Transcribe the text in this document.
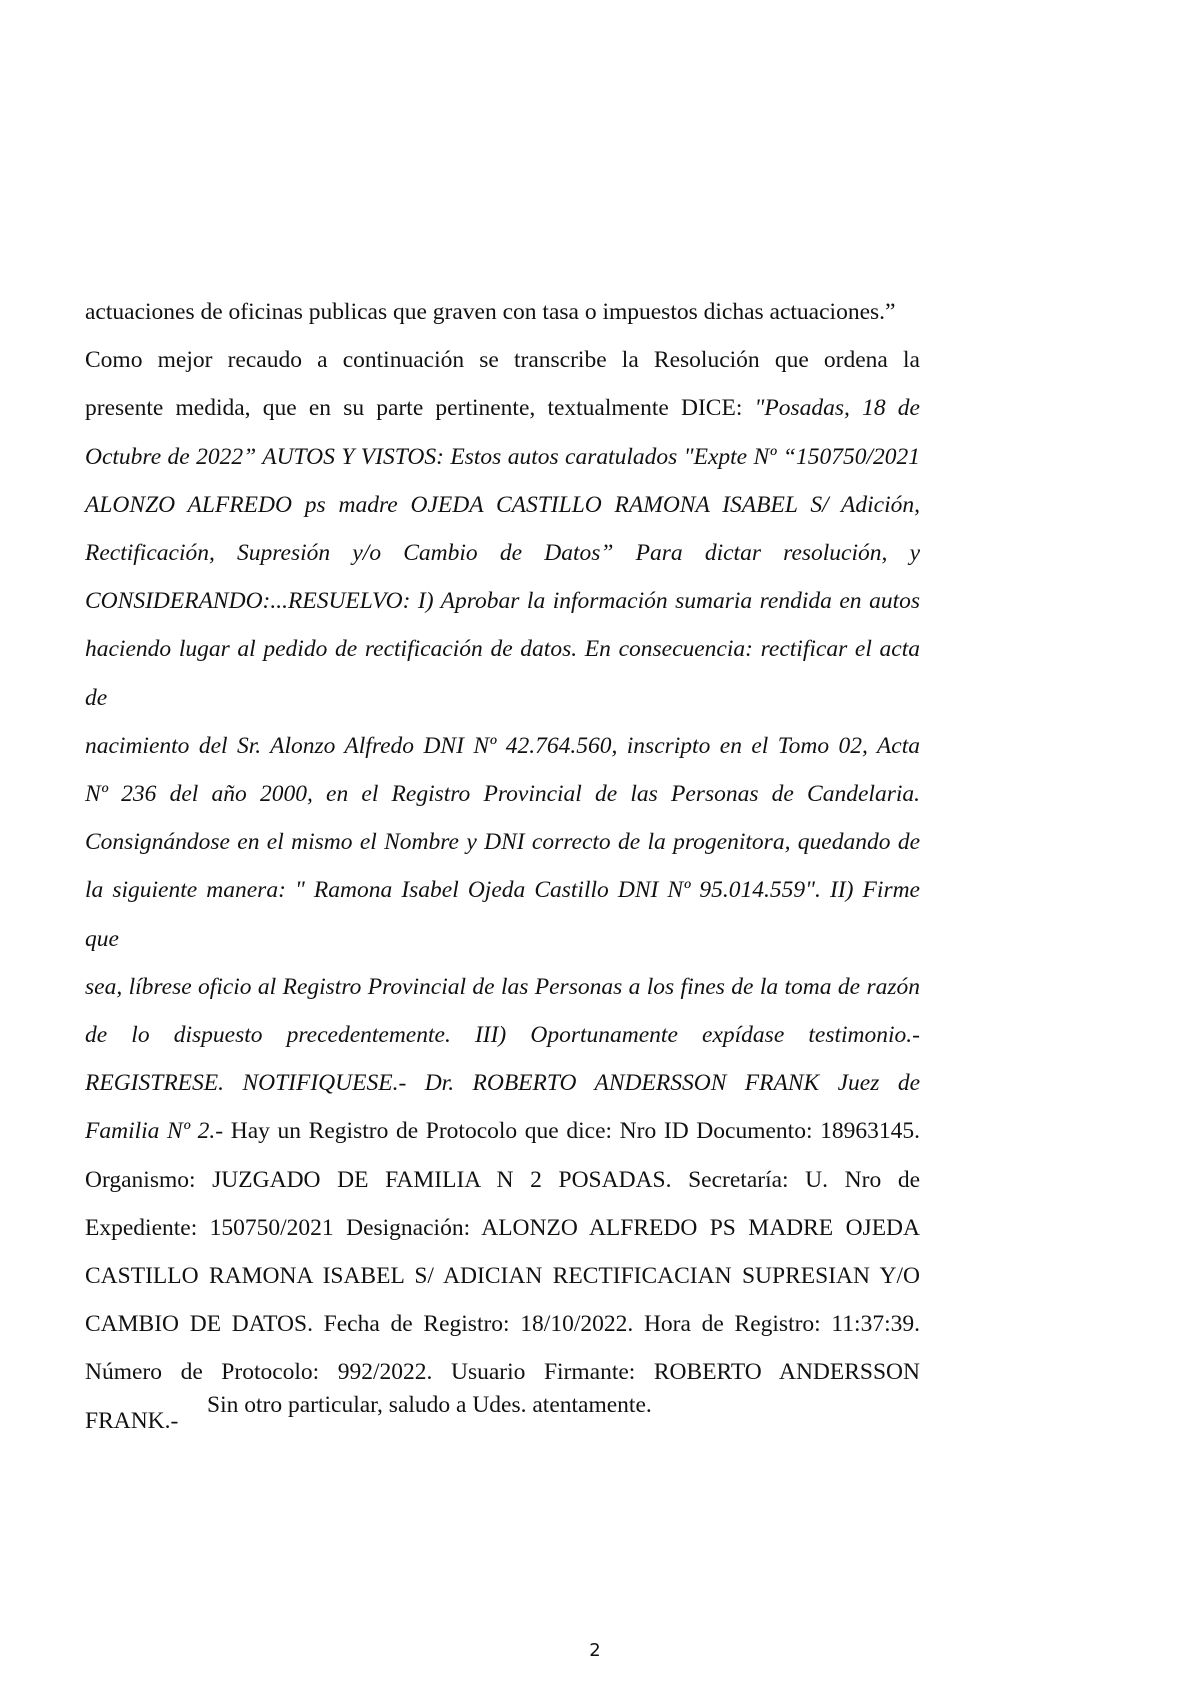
actuaciones de oficinas publicas que graven con tasa o impuestos dichas actuaciones.”
Como mejor recaudo a continuación se transcribe la Resolución que ordena la
presente medida, que en su parte pertinente, textualmente DICE: "Posadas, 18 de
Octubre de 2022” AUTOS Y VISTOS: Estos autos caratulados "Expte Nº “150750/2021
ALONZO ALFREDO ps madre OJEDA CASTILLO RAMONA ISABEL S/ Adición,
Rectificación, Supresión y/o Cambio de Datos” Para dictar resolución, y
CONSIDERANDO:...RESUELVO: I) Aprobar la información sumaria rendida en autos
haciendo lugar al pedido de rectificación de datos. En consecuencia: rectificar el acta de
nacimiento del Sr. Alonzo Alfredo DNI Nº 42.764.560, inscripto en el Tomo 02, Acta
Nº 236 del año 2000, en el Registro Provincial de las Personas de Candelaria.
Consignándose en el mismo el Nombre y DNI correcto de la progenitora, quedando de
la siguiente manera: " Ramona Isabel Ojeda Castillo DNI Nº 95.014.559". II) Firme que
sea, líbrese oficio al Registro Provincial de las Personas a los fines de la toma de razón
de lo dispuesto precedentemente. III) Oportunamente expídase testimonio.-
REGISTRESE. NOTIFIQUESE.- Dr. ROBERTO ANDERSSON FRANK Juez de
Familia Nº 2.- Hay un Registro de Protocolo que dice: Nro ID Documento: 18963145.
Organismo: JUZGADO DE FAMILIA N 2 POSADAS. Secretaría: U. Nro de
Expediente: 150750/2021 Designación: ALONZO ALFREDO PS MADRE OJEDA
CASTILLO RAMONA ISABEL S/ ADICIAN RECTIFICACIAN SUPRESIAN Y/O
CAMBIO DE DATOS. Fecha de Registro: 18/10/2022. Hora de Registro: 11:37:39.
Número de Protocolo: 992/2022. Usuario Firmante: ROBERTO ANDERSSON
FRANK.-
Sin otro particular, saludo a Udes. atentamente.
2
